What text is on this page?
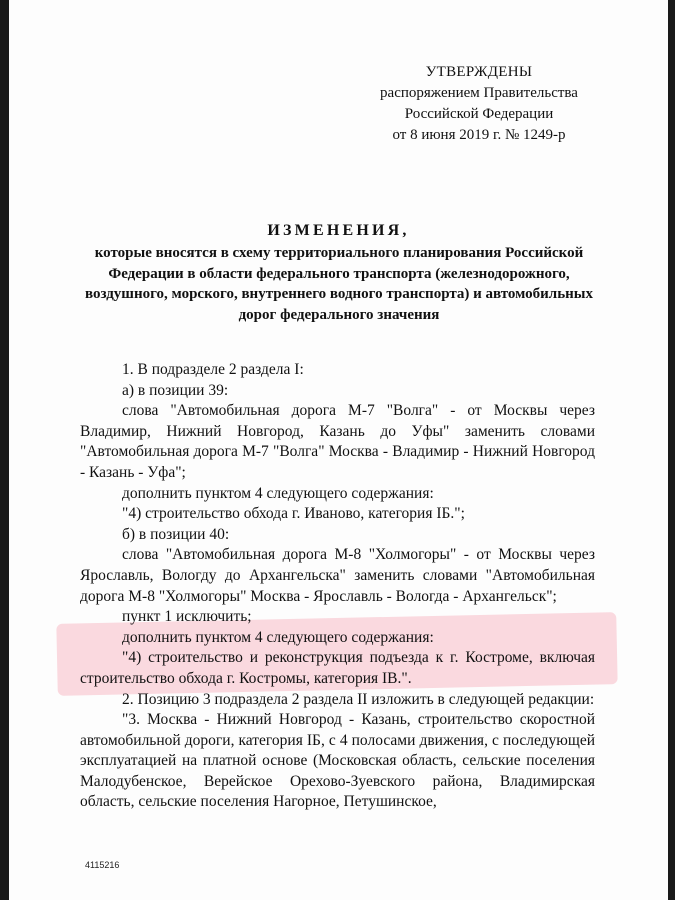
УТВЕРЖДЕНЫ
распоряжением Правительства
Российской Федерации
от 8 июня 2019 г. № 1249-р
ИЗМЕНЕНИЯ,
которые вносятся в схему территориального планирования Российской Федерации в области федерального транспорта (железнодорожного, воздушного, морского, внутреннего водного транспорта) и автомобильных дорог федерального значения

1. В подразделе 2 раздела I:

а) в позиции 39:

слова "Автомобильная дорога М-7 "Волга" - от Москвы через Владимир, Нижний Новгород, Казань до Уфы" заменить словами "Автомобильная дорога М-7 "Волга" Москва - Владимир - Нижний Новгород - Казань - Уфа";

дополнить пунктом 4 следующего содержания:

"4) строительство обхода г. Иваново, категория IБ.";

б) в позиции 40:

слова "Автомобильная дорога М-8 "Холмогоры" - от Москвы через Ярославль, Вологду до Архангельска" заменить словами "Автомобильная дорога М-8 "Холмогоры" Москва - Ярославль - Вологда - Архангельск";

пункт 1 исключить;

дополнить пунктом 4 следующего содержания:

"4) строительство и реконструкция подъезда к г. Костроме, включая строительство обхода г. Костромы, категория IВ.".

2. Позицию 3 подраздела 2 раздела II изложить в следующей редакции:

"3. Москва - Нижний Новгород - Казань, строительство скоростной автомобильной дороги, категория IБ, с 4 полосами движения, с последующей эксплуатацией на платной основе (Московская область, сельские поселения Малодубенское, Верейское Орехово-Зуевского района, Владимирская область, сельские поселения Нагорное, Петушинское,

4115216
